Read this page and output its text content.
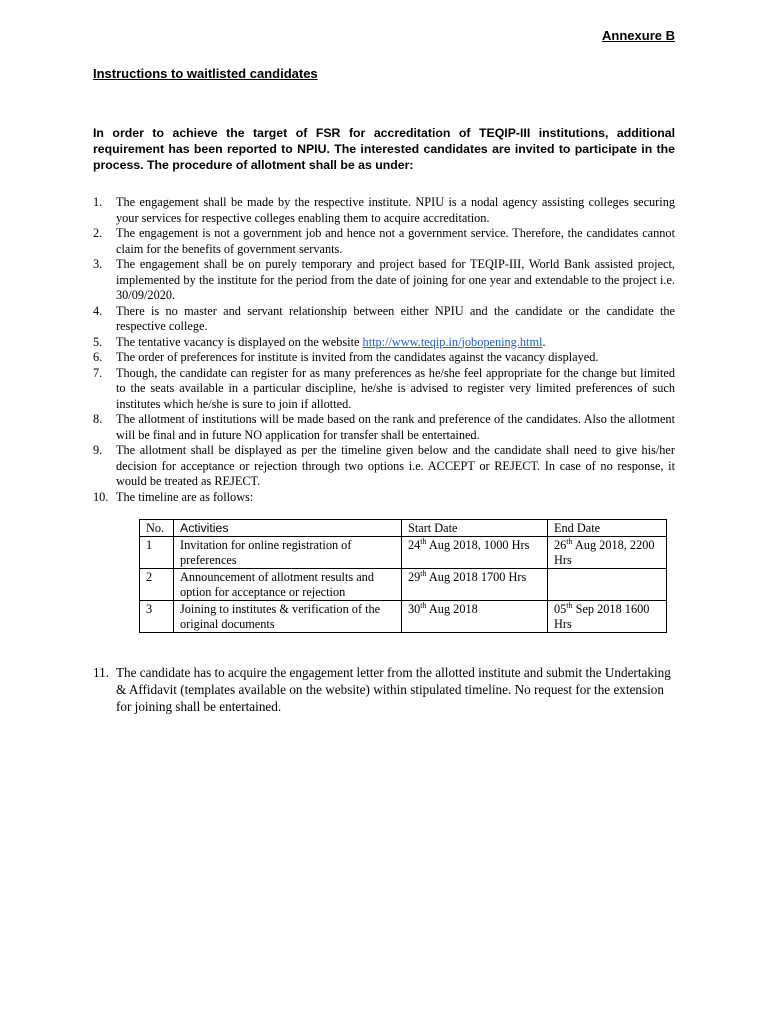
Annexure B
Instructions to waitlisted candidates
In order to achieve the target of FSR for accreditation of TEQIP-III institutions, additional requirement has been reported to NPIU. The interested candidates are invited to participate in the process. The procedure of allotment shall be as under:
1. The engagement shall be made by the respective institute. NPIU is a nodal agency assisting colleges securing your services for respective colleges enabling them to acquire accreditation.
2. The engagement is not a government job and hence not a government service. Therefore, the candidates cannot claim for the benefits of government servants.
3. The engagement shall be on purely temporary and project based for TEQIP-III, World Bank assisted project, implemented by the institute for the period from the date of joining for one year and extendable to the project i.e. 30/09/2020.
4. There is no master and servant relationship between either NPIU and the candidate or the candidate the respective college.
5. The tentative vacancy is displayed on the website http://www.teqip.in/jobopening.html.
6. The order of preferences for institute is invited from the candidates against the vacancy displayed.
7. Though, the candidate can register for as many preferences as he/she feel appropriate for the change but limited to the seats available in a particular discipline, he/she is advised to register very limited preferences of such institutes which he/she is sure to join if allotted.
8. The allotment of institutions will be made based on the rank and preference of the candidates. Also the allotment will be final and in future NO application for transfer shall be entertained.
9. The allotment shall be displayed as per the timeline given below and the candidate shall need to give his/her decision for acceptance or rejection through two options i.e. ACCEPT or REJECT. In case of no response, it would be treated as REJECT.
10. The timeline are as follows:
No.	Activities	Start Date	End Date
1	Invitation for online registration of preferences	24th Aug 2018, 1000 Hrs	26th Aug 2018, 2200 Hrs
2	Announcement of allotment results and option for acceptance or rejection	29th Aug 2018 1700 Hrs	
3	Joining to institutes & verification of the original documents	30th Aug 2018	05th Sep 2018 1600 Hrs
11. The candidate has to acquire the engagement letter from the allotted institute and submit the Undertaking & Affidavit (templates available on the website) within stipulated timeline. No request for the extension for joining shall be entertained.
